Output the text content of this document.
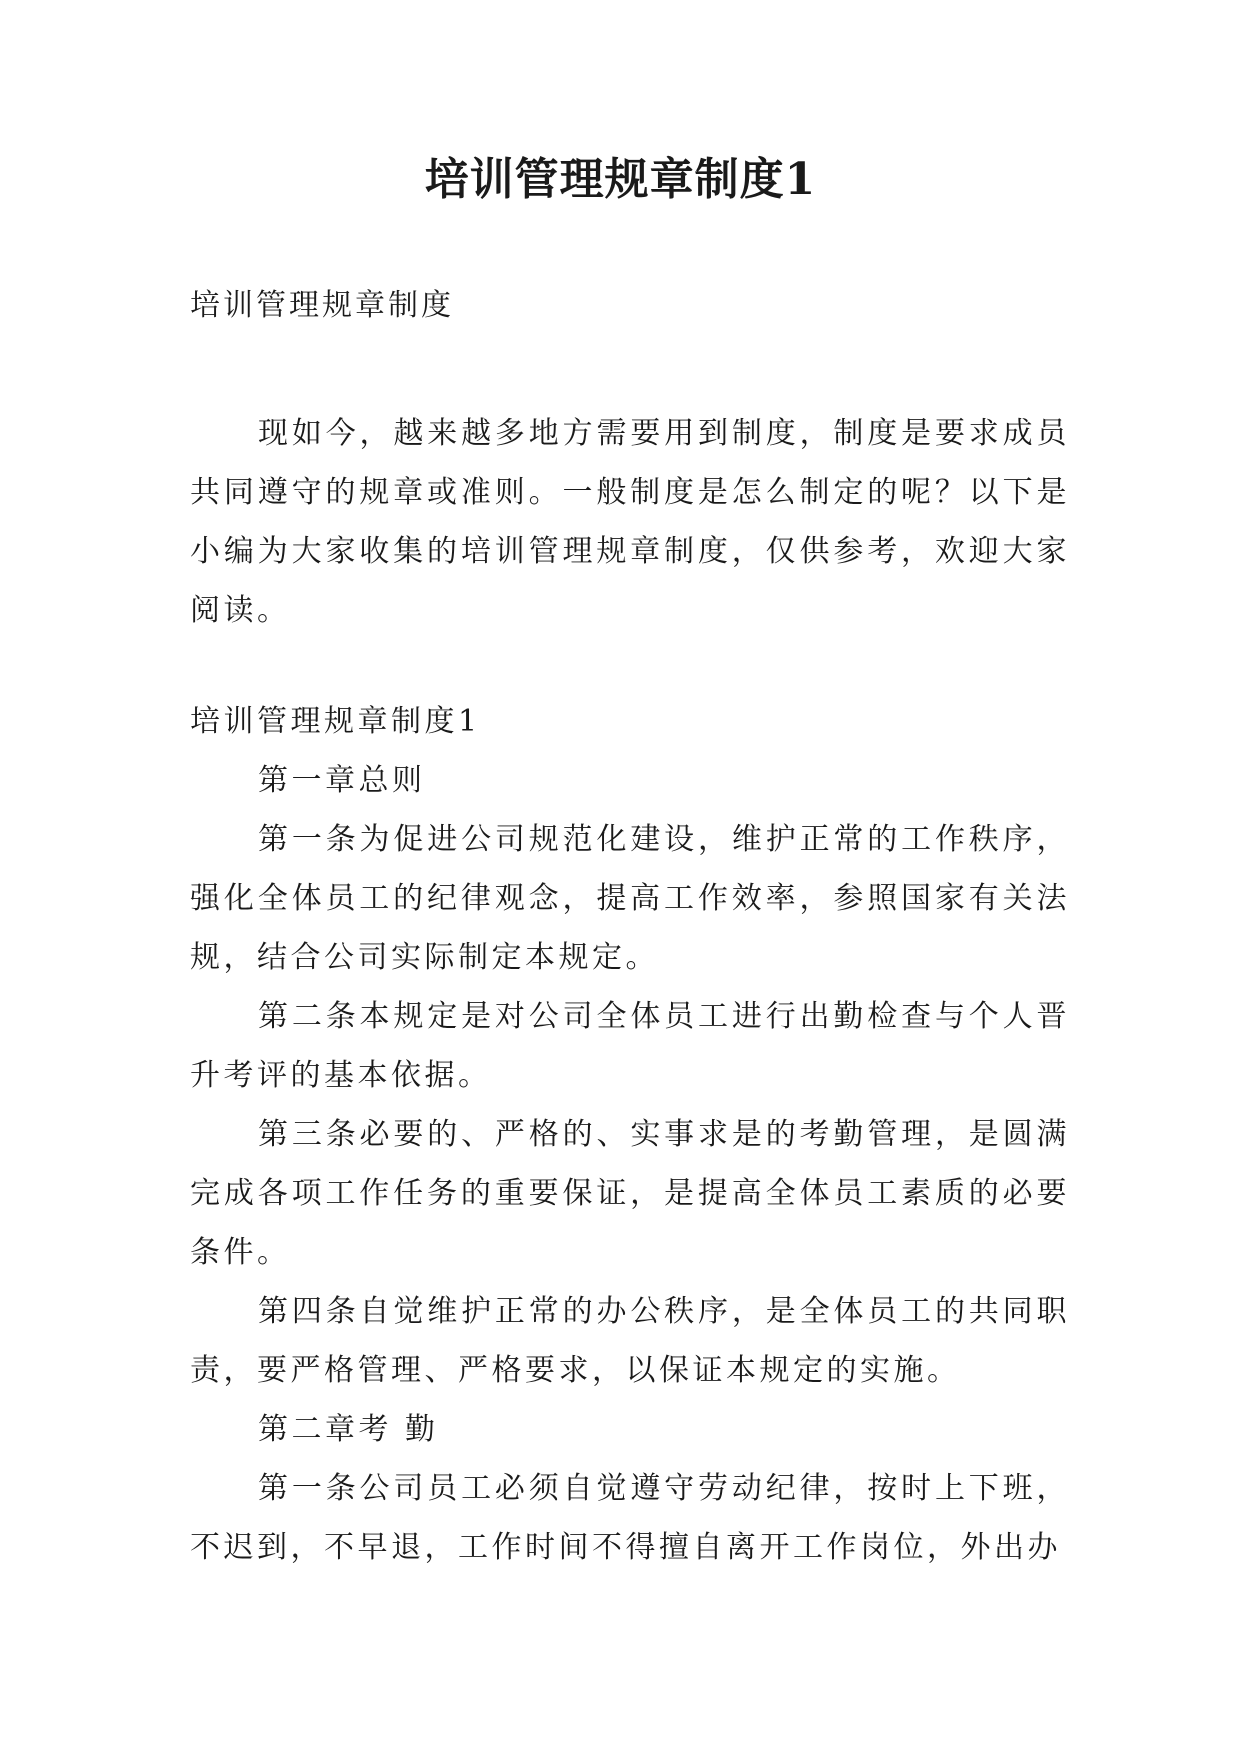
培训管理规章制度1
培训管理规章制度

现如今，越来越多地方需要用到制度，制度是要求成员共同遵守的规章或准则。一般制度是怎么制定的呢？以下是小编为大家收集的培训管理规章制度，仅供参考，欢迎大家阅读。

培训管理规章制度1

第一章总则

第一条为促进公司规范化建设，维护正常的工作秩序，强化全体员工的纪律观念，提高工作效率，参照国家有关法规，结合公司实际制定本规定。

第二条本规定是对公司全体员工进行出勤检查与个人晋升考评的基本依据。

第三条必要的、严格的、实事求是的考勤管理，是圆满完成各项工作任务的重要保证，是提高全体员工素质的必要条件。

第四条自觉维护正常的办公秩序，是全体员工的共同职责，要严格管理、严格要求，以保证本规定的实施。

第二章考 勤

第一条公司员工必须自觉遵守劳动纪律，按时上下班，不迟到，不早退，工作时间不得擅自离开工作岗位，外出办
